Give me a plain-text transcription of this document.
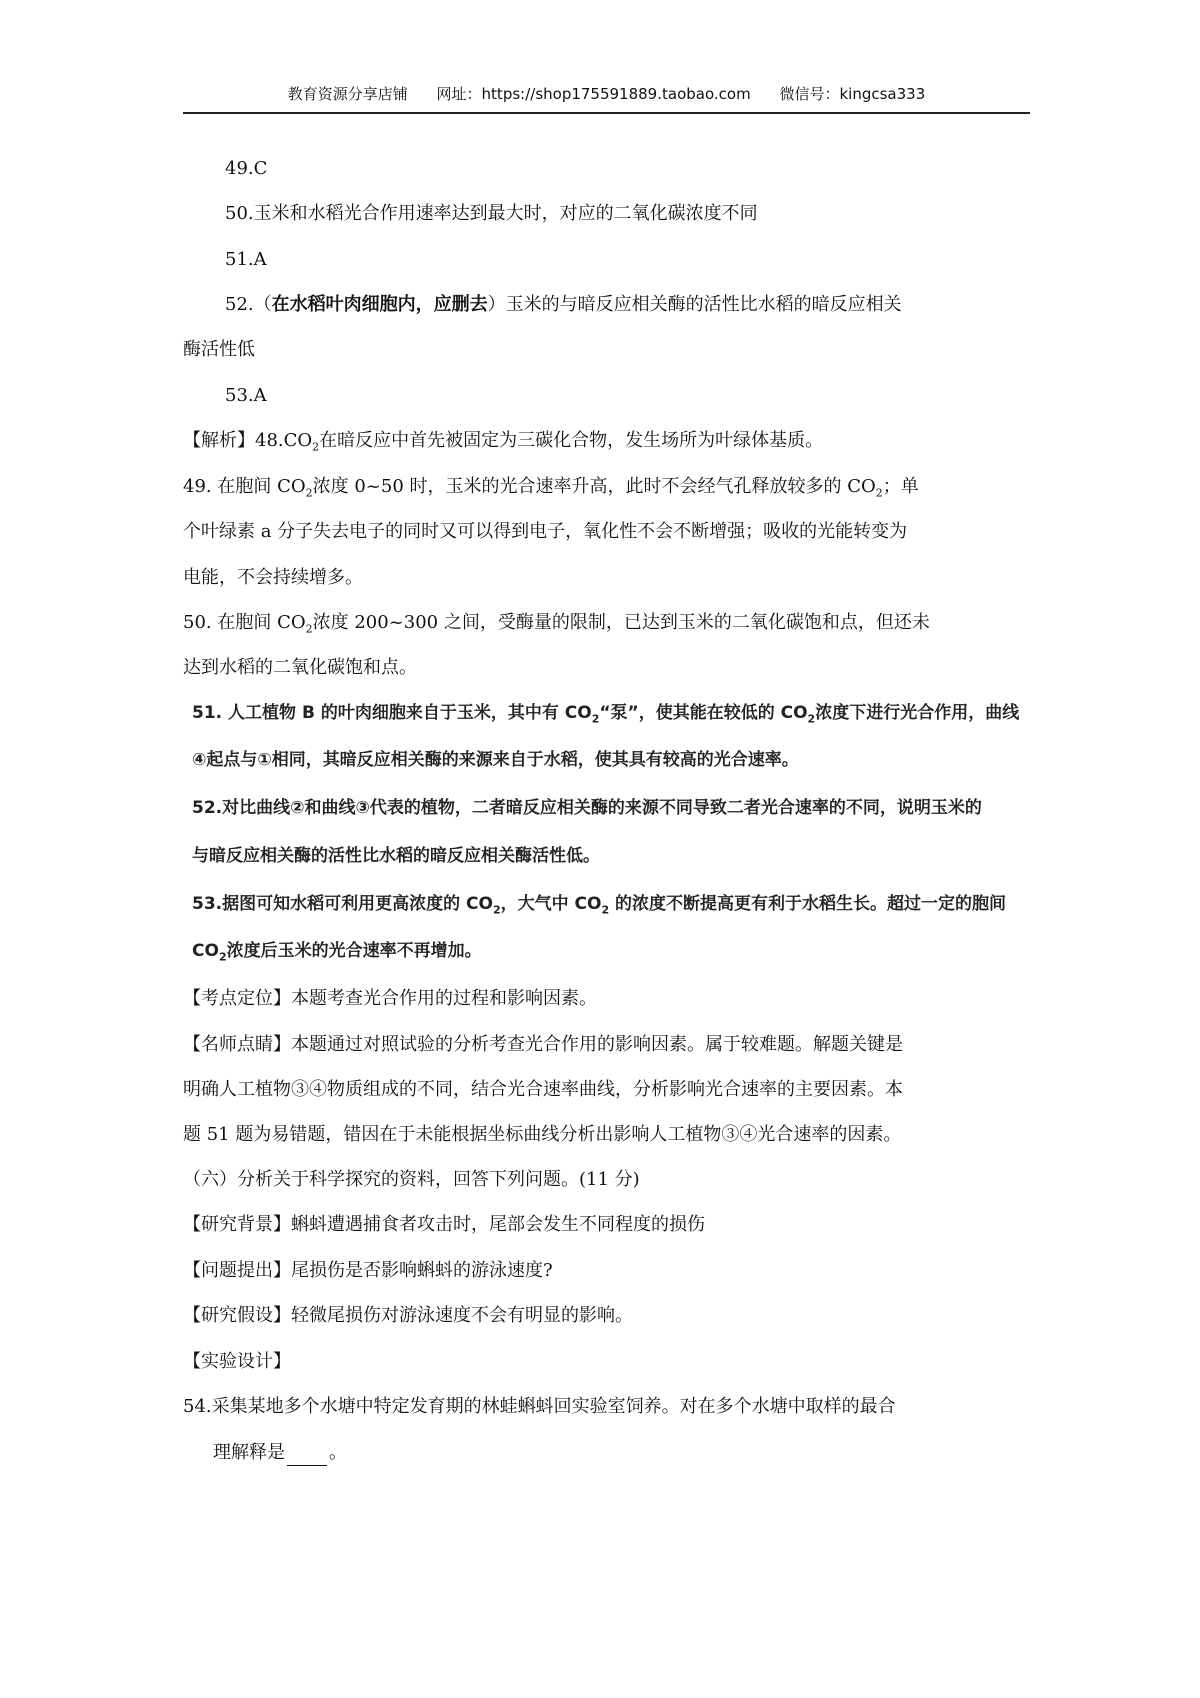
教育资源分享店铺 网址：https://shop175591889.taobao.com 微信号：kingcsa333
49.C
50.玉米和水稻光合作用速率达到最大时，对应的二氧化碳浓度不同
51.A
52.（在水稻叶肉细胞内，应删去）玉米的与暗反应相关酶的活性比水稻的暗反应相关
酶活性低
53.A
【解析】$48.CO_2$在暗反应中首先被固定为三碳化合物，发生场所为叶绿体基质。
49. 在胞间 $CO_2$浓度 0~50 时，玉米的光合速率升高，此时不会经气孔释放较多的 $CO_2$；单
个叶绿素 a 分子失去电子的同时又可以得到电子，氧化性不会不断增强；吸收的光能转变为
电能，不会持续增多。
50. 在胞间 $CO_2$浓度 200~300 之间，受酶量的限制，已达到玉米的二氧化碳饱和点，但还未
达到水稻的二氧化碳饱和点。
51. 人工植物 B 的叶肉细胞来自于玉米，其中有 $CO_2“$泵”，使其能在较低的 $CO_2$浓度下进行光合作用，曲线
④起点与①相同，其暗反应相关酶的来源来自于水稻，使其具有较高的光合速率。
52.对比曲线②和曲线③代表的植物，二者暗反应相关酶的来源不同导致二者光合速率的不同，说明玉米的
与暗反应相关酶的活性比水稻的暗反应相关酶活性低。
53.据图可知水稻可利用更高浓度的 $CO_2$，大气中 $CO_2$ 的浓度不断提高更有利于水稻生长。超过一定的胞间
$CO_2$浓度后玉米的光合速率不再增加。
【考点定位】本题考查光合作用的过程和影响因素。
【名师点睛】本题通过对照试验的分析考查光合作用的影响因素。属于较难题。解题关键是
明确人工植物③④物质组成的不同，结合光合速率曲线，分析影响光合速率的主要因素。本
题 51 题为易错题，错因在于未能根据坐标曲线分析出影响人工植物③④光合速率的因素。
（六）分析关于科学探究的资料，回答下列问题。(11 分)
【研究背景】蝌蚪遭遇捕食者攻击时，尾部会发生不同程度的损伤
【问题提出】尾损伤是否影响蝌蚪的游泳速度?
【研究假设】轻微尾损伤对游泳速度不会有明显的影响。
【实验设计】
54.采集某地多个水塘中特定发育期的林蛙蝌蚪回实验室饲养。对在多个水塘中取样的最合
理解释是 。
